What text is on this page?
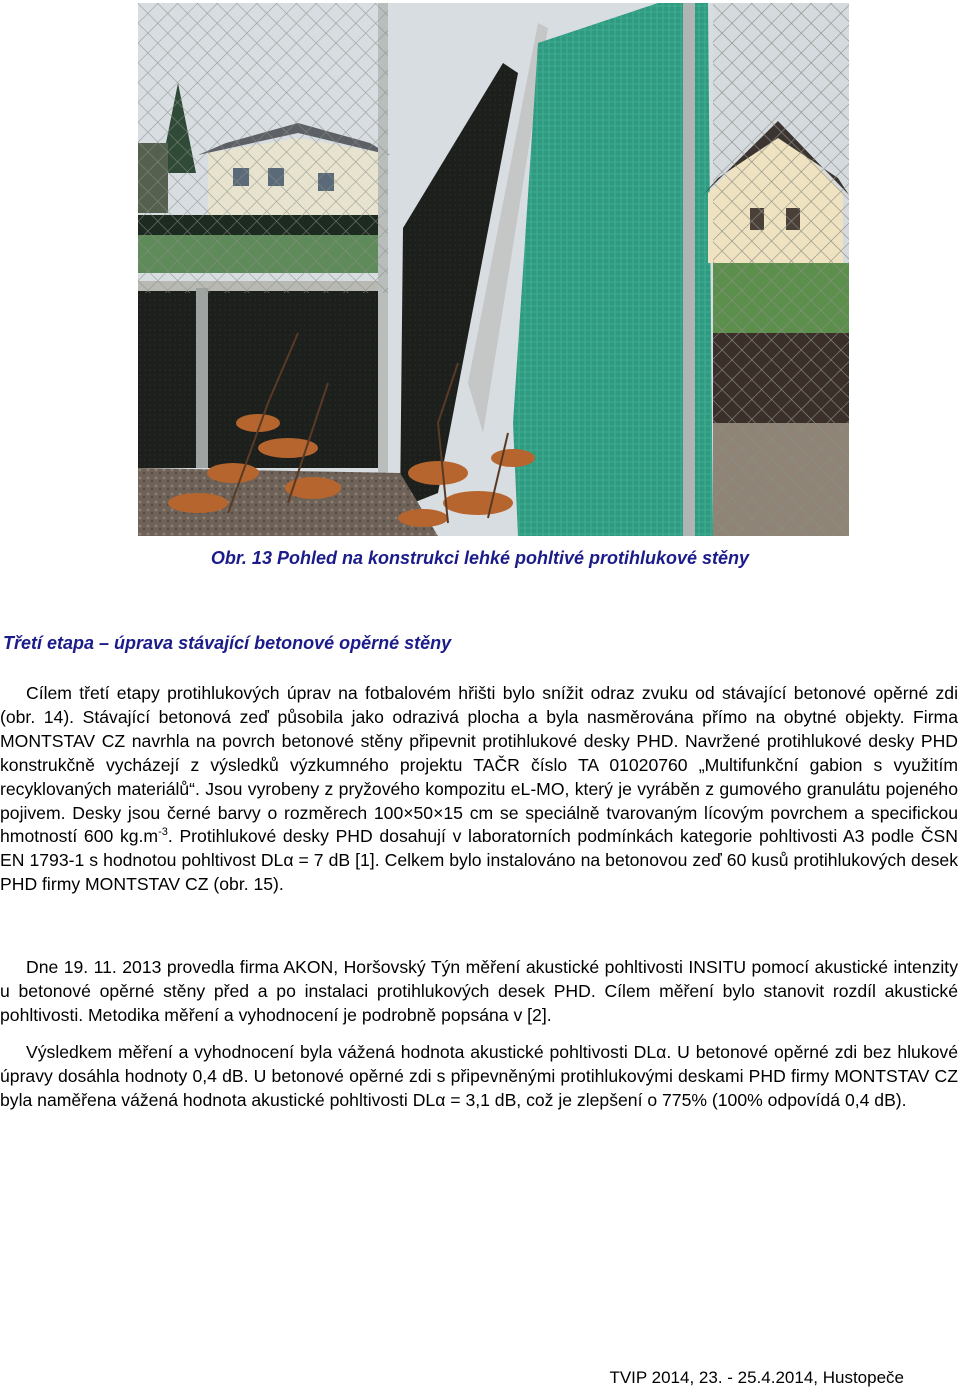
Obr. 13 Pohled na konstrukci lehké pohltivé protihlukové stěny
Třetí etapa – úprava stávající betonové opěrné stěny

Cílem třetí etapy protihlukových úprav na fotbalovém hřišti bylo snížit odraz zvuku od stávající betonové opěrné zdi (obr. 14). Stávající betonová zeď působila jako odrazivá plocha a byla nasměrována přímo na obytné objekty. Firma MONTSTAV CZ navrhla na povrch betonové stěny připevnit protihlukové desky PHD. Navržené protihlukové desky PHD konstrukčně vycházejí z výsledků výzkumného projektu TAČR číslo TA 01020760 „Multifunkční gabion s využitím recyklovaných materiálů“. Jsou vyrobeny z pryžového kompozitu eL-MO, který je vyráběn z gumového granulátu pojeného pojivem. Desky jsou černé barvy o rozměrech 100×50×15 cm se speciálně tvarovaným lícovým povrchem a specifickou hmotností 600 $kg.m^{-3}$. Protihlukové desky PHD dosahují v laboratorních podmínkách kategorie pohltivosti A3 podle ČSN EN 1793-1 s hodnotou pohltivost DLα = 7 dB [1]. Celkem bylo instalováno na betonovou zeď 60 kusů protihlukových desek PHD firmy MONTSTAV CZ (obr. 15).

Dne 19. 11. 2013 provedla firma AKON, Horšovský Týn měření akustické pohltivosti INSITU pomocí akustické intenzity u betonové opěrné stěny před a po instalaci protihlukových desek PHD. Cílem měření bylo stanovit rozdíl akustické pohltivosti. Metodika měření a vyhodnocení je podrobně popsána v [2].

Výsledkem měření a vyhodnocení byla vážená hodnota akustické pohltivosti DLα. U betonové opěrné zdi bez hlukové úpravy dosáhla hodnoty 0,4 dB. U betonové opěrné zdi s připevněnými protihlukovými deskami PHD firmy MONTSTAV CZ byla naměřena vážená hodnota akustické pohltivosti DLα = 3,1 dB, což je zlepšení o 775% (100% odpovídá 0,4 dB).

TVIP 2014, 23. - 25.4.2014, Hustopeče
